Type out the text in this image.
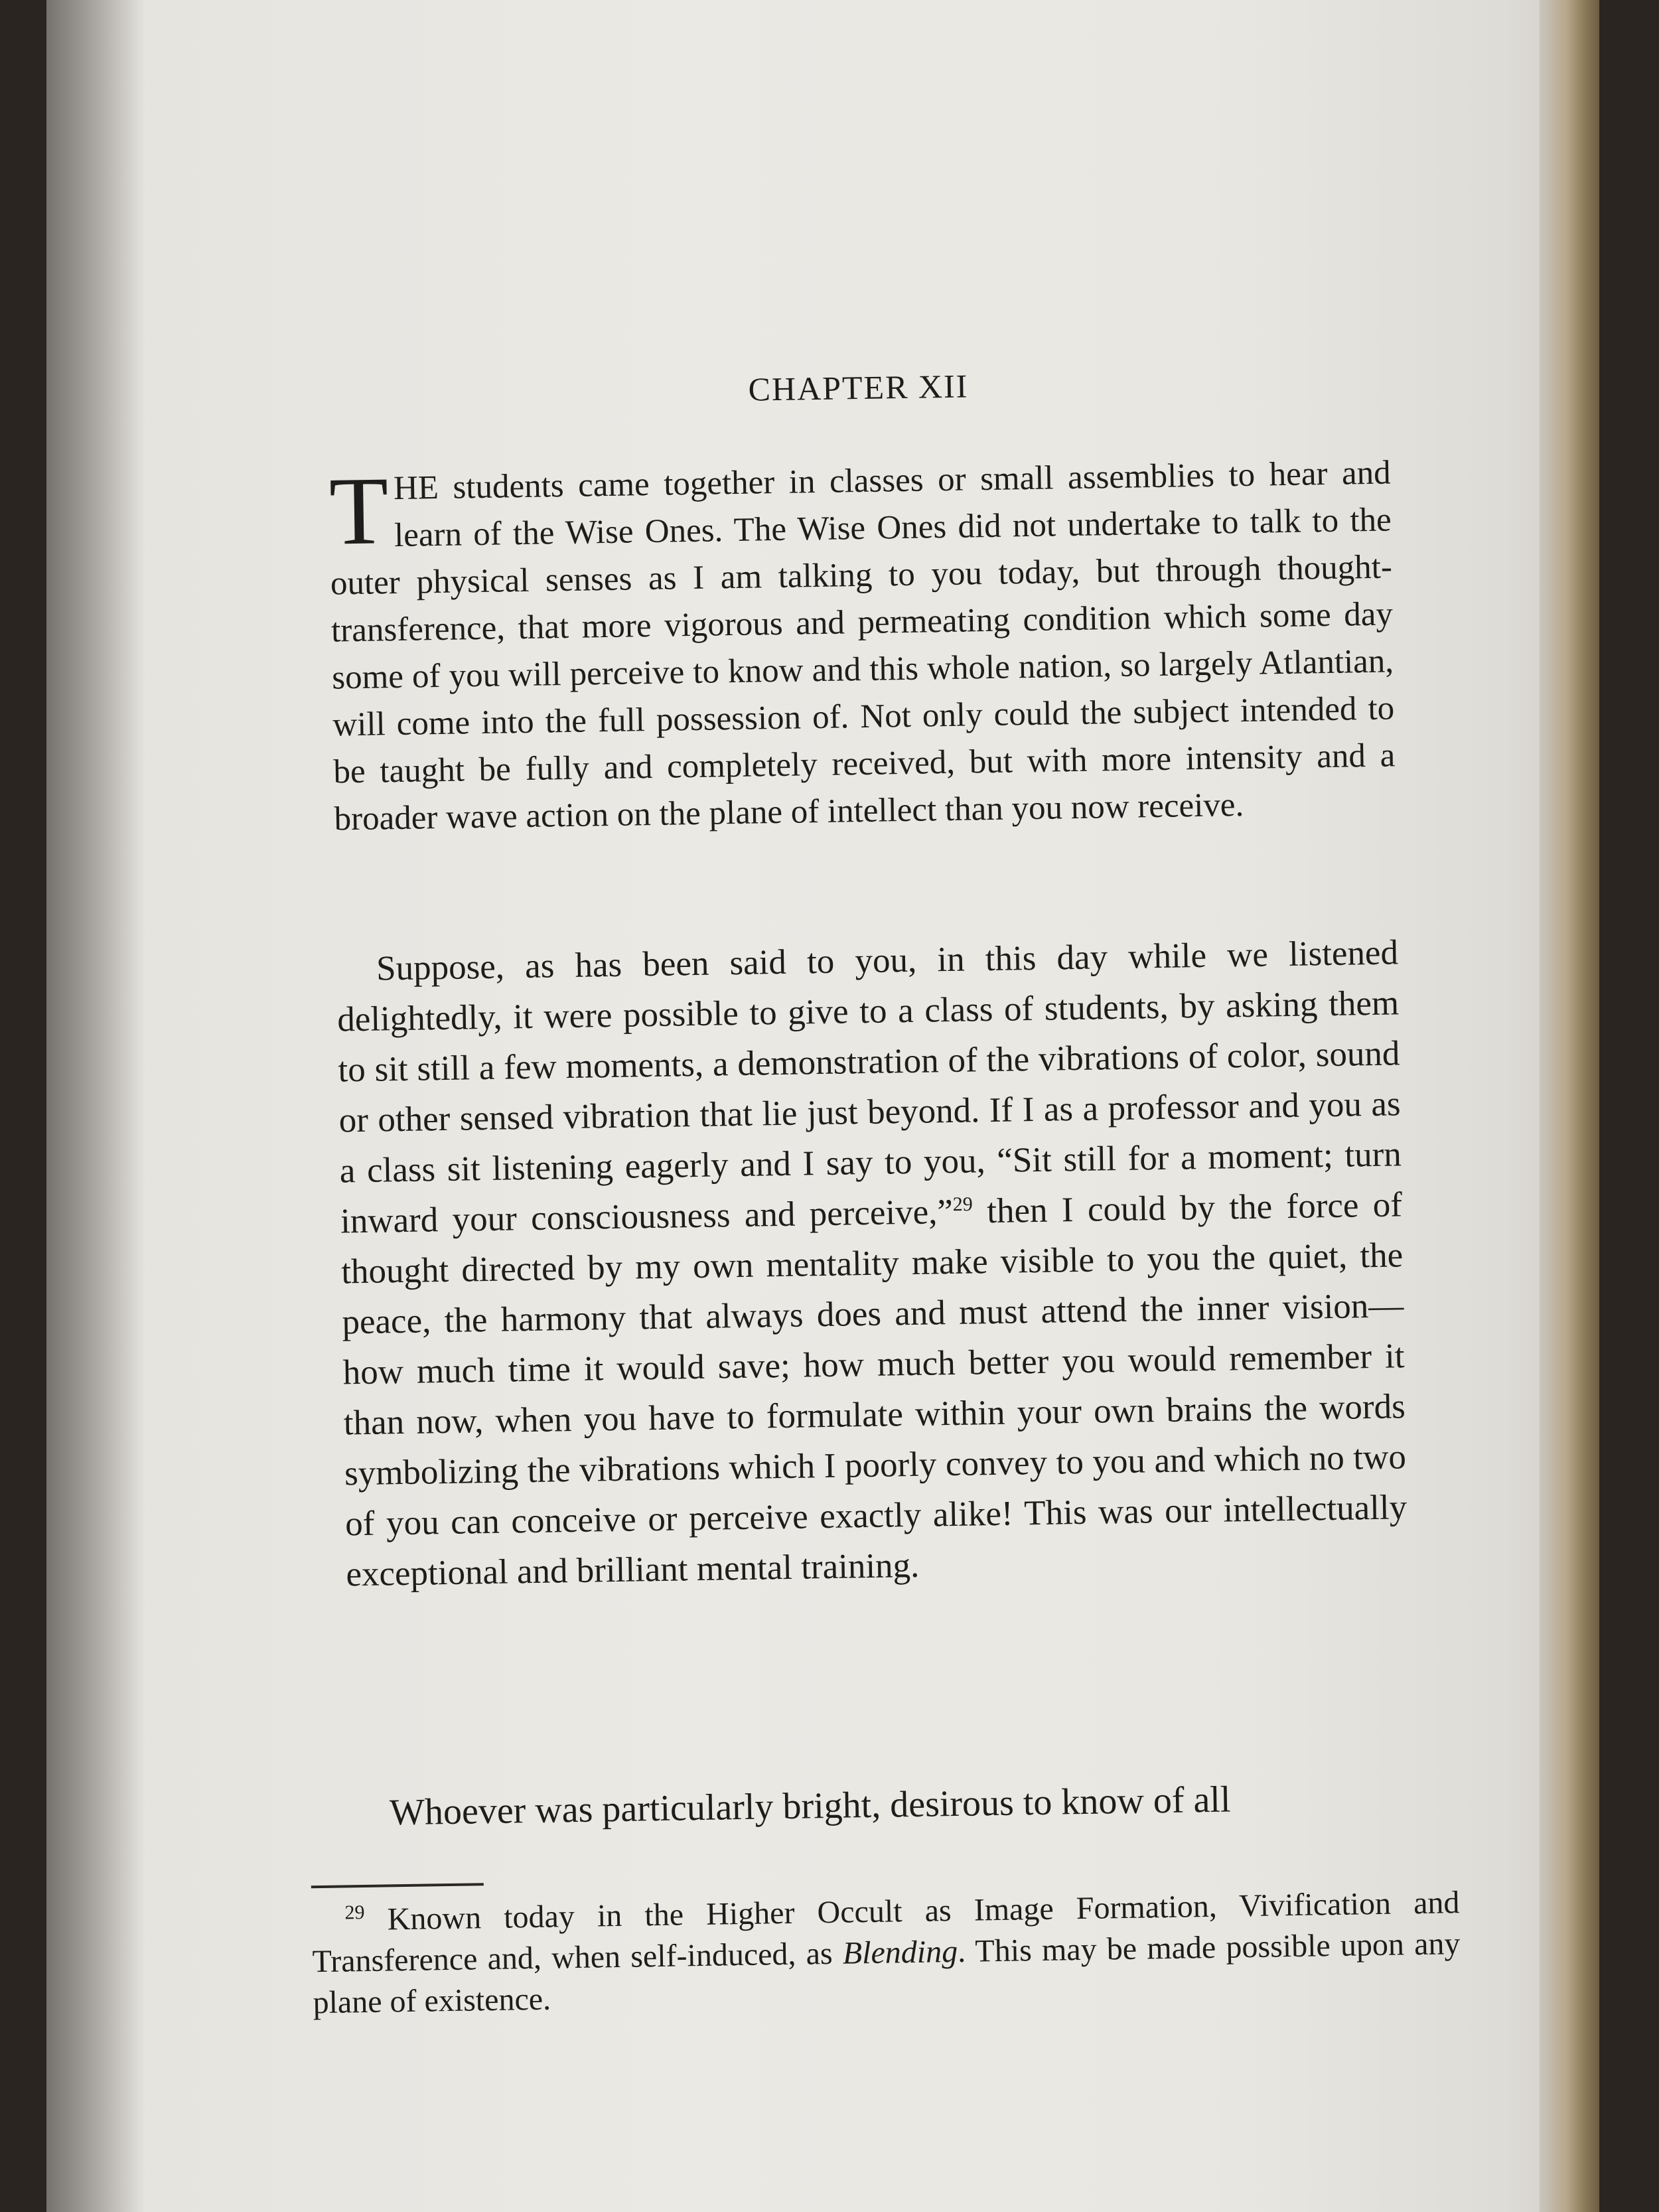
CHAPTER XII

THE students came together in classes or small assemblies to hear and learn of the Wise Ones. The Wise Ones did not undertake to talk to the outer physical senses as I am talking to you today, but through thought-transference, that more vigorous and permeating condition which some day some of you will perceive to know and this whole nation, so largely Atlantian, will come into the full possession of. Not only could the subject intended to be taught be fully and completely received, but with more intensity and a broader wave action on the plane of intellect than you now receive.

Suppose, as has been said to you, in this day while we listened delightedly, it were possible to give to a class of students, by asking them to sit still a few moments, a demonstration of the vibrations of color, sound or other sensed vibration that lie just beyond. If I as a professor and you as a class sit listening eagerly and I say to you, “Sit still for a moment; turn inward your consciousness and perceive,”$^{29}$ then I could by the force of thought directed by my own mentality make visible to you the quiet, the peace, the harmony that always does and must attend the inner vision—how much time it would save; how much better you would remember it than now, when you have to formulate within your own brains the words symbolizing the vibrations which I poorly convey to you and which no two of you can conceive or perceive exactly alike! This was our intellectually exceptional and brilliant mental training.

Whoever was particularly bright, desirous to know of all

$^{29}$ Known today in the Higher Occult as Image Formation, Vivification and Transference and, when self-induced, as Blending. This may be made possible upon any plane of existence.
